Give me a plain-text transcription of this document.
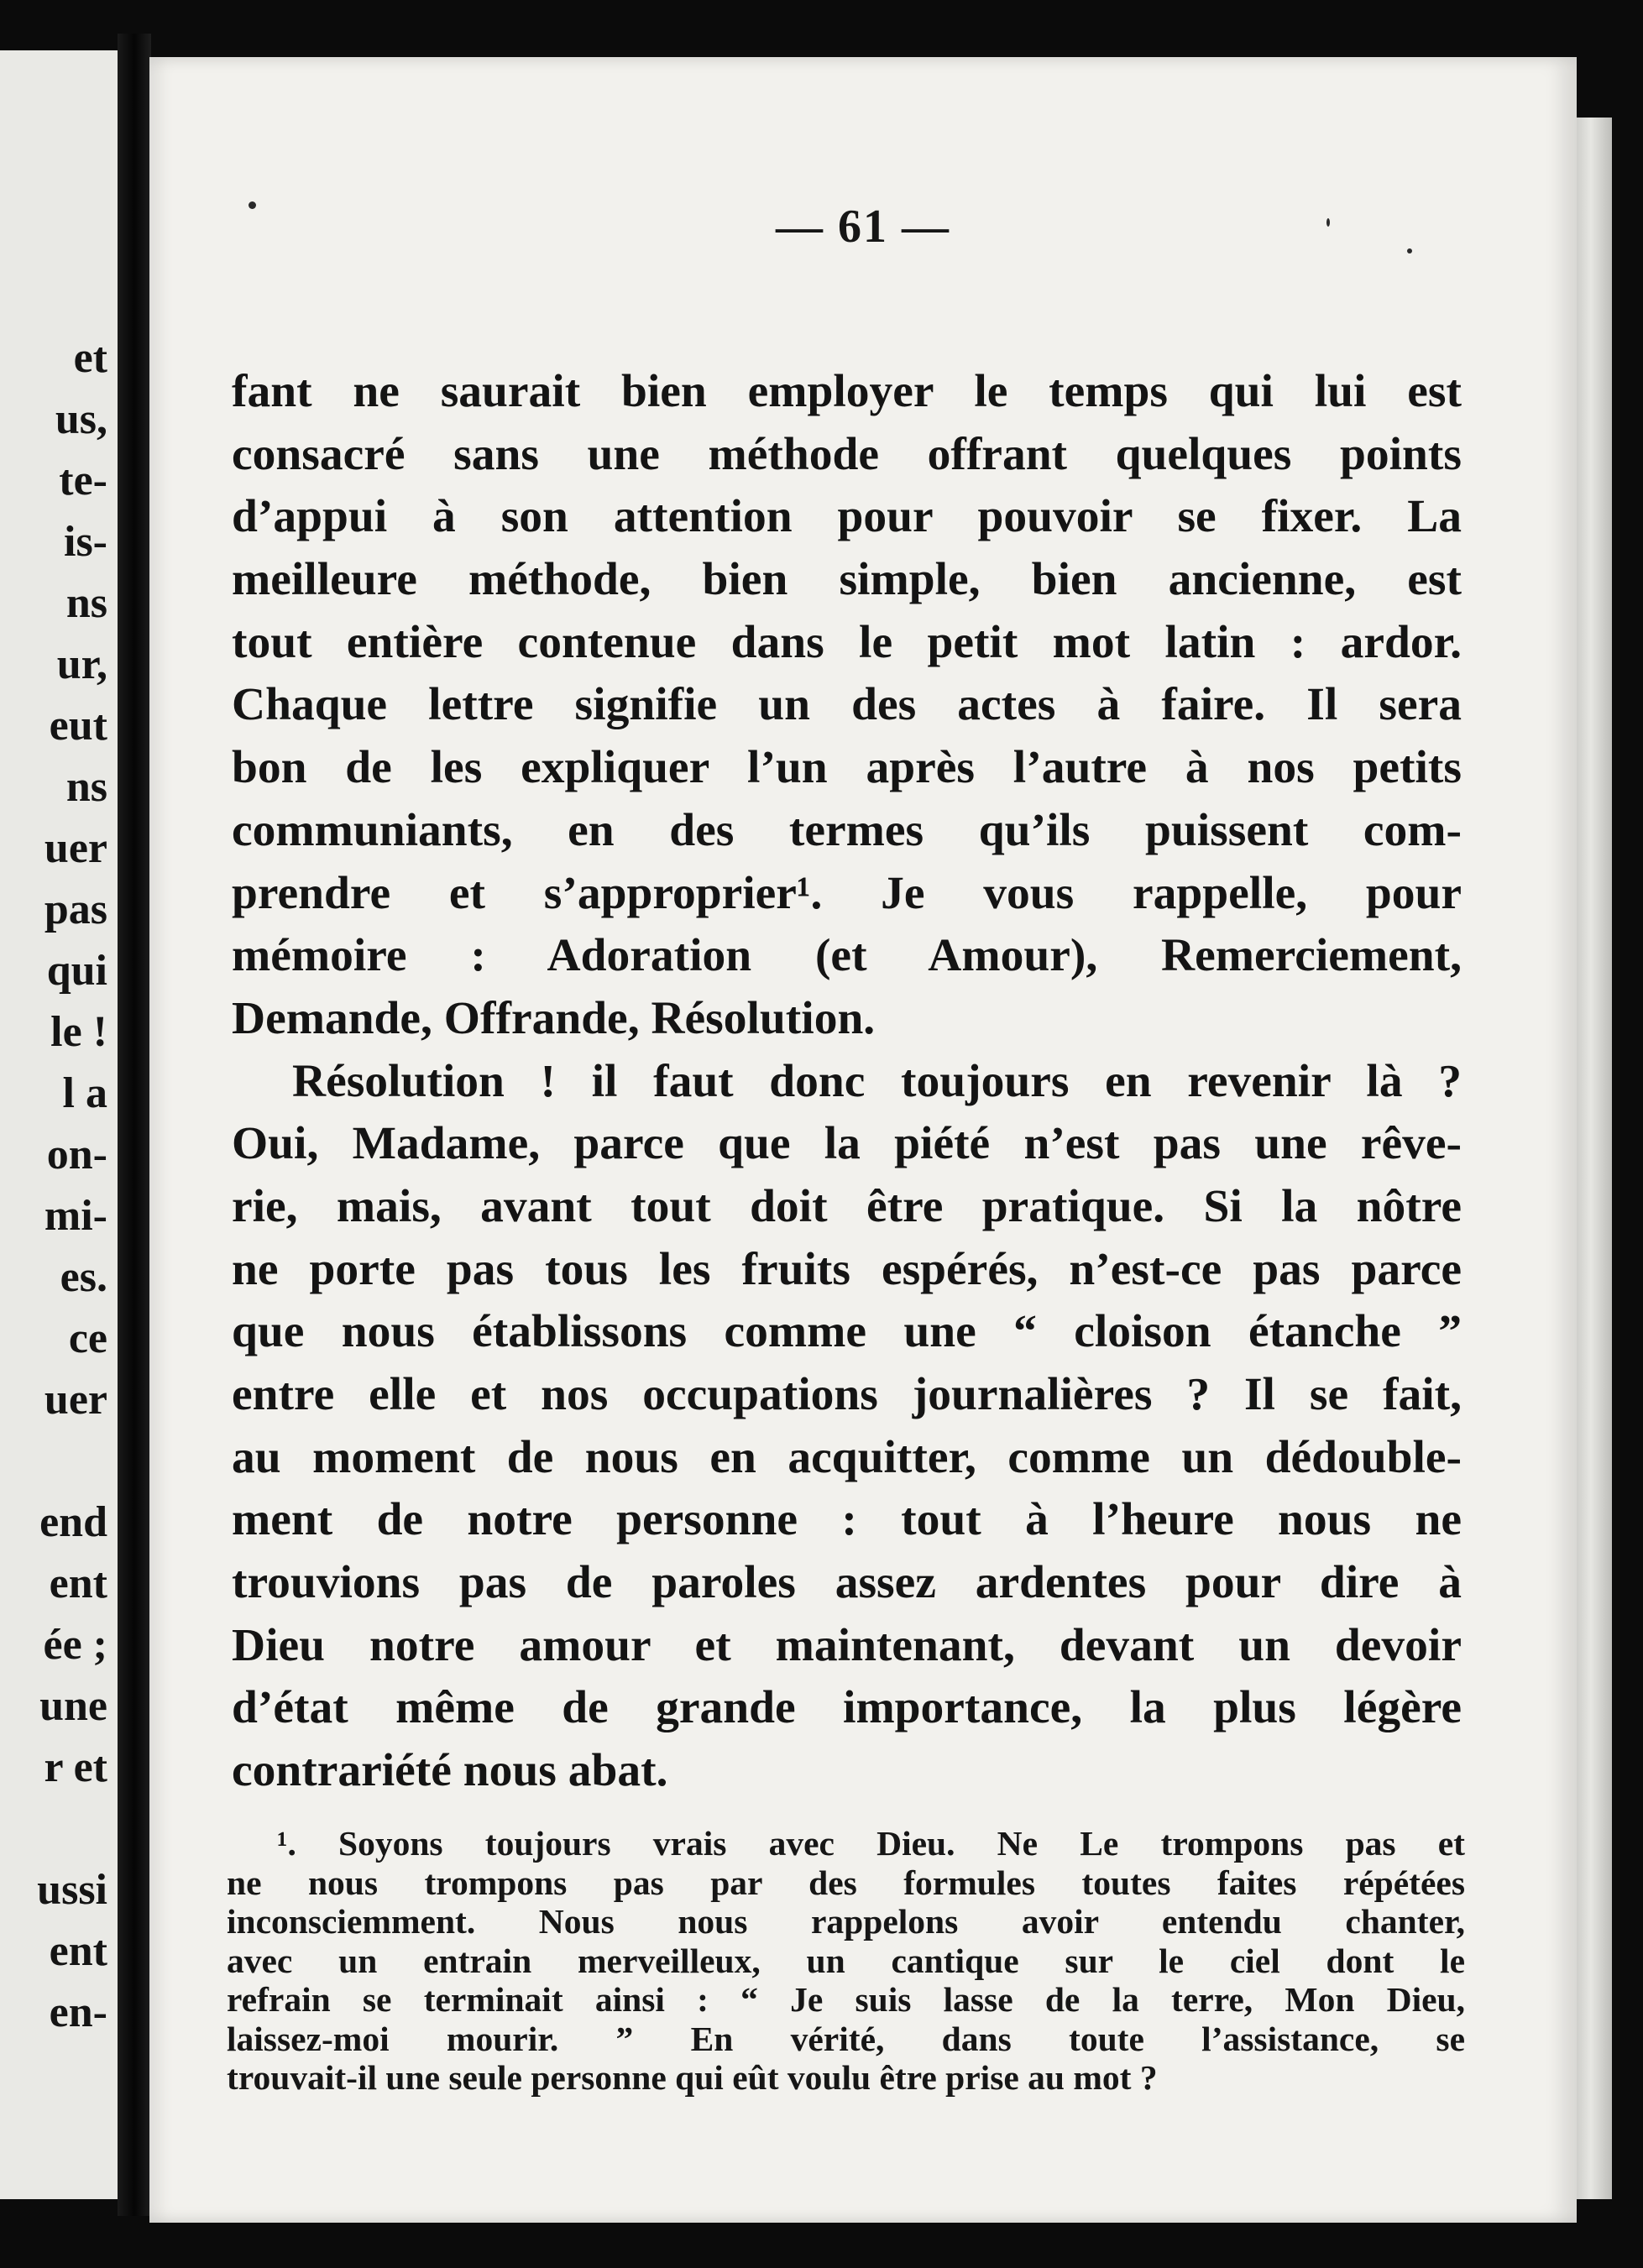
et
us,
te-
is-
ns
ur,
eut
ns
uer
pas
qui
le !
l a
on-
mi-
es.
ce
uer
end
ent
ée ;
une
r et
ussi
ent
en-
— 61 —
fant ne saurait bien employer le temps qui lui est
consacré sans une méthode offrant quelques points
d’appui à son attention pour pouvoir se fixer. La
meilleure méthode, bien simple, bien ancienne, est
tout entière contenue dans le petit mot latin : ardor.
Chaque lettre signifie un des actes à faire. Il sera
bon de les expliquer l’un après l’autre à nos petits
communiants, en des termes qu’ils puissent com-
prendre et s’approprier¹. Je vous rappelle, pour
mémoire : Adoration (et Amour), Remerciement,
Demande, Offrande, Résolution.
Résolution ! il faut donc toujours en revenir là ?
Oui, Madame, parce que la piété n’est pas une rêve-
rie, mais, avant tout doit être pratique. Si la nôtre
ne porte pas tous les fruits espérés, n’est-ce pas parce
que nous établissons comme une “ cloison étanche ”
entre elle et nos occupations journalières ? Il se fait,
au moment de nous en acquitter, comme un dédouble-
ment de notre personne : tout à l’heure nous ne
trouvions pas de paroles assez ardentes pour dire à
Dieu notre amour et maintenant, devant un devoir
d’état même de grande importance, la plus légère
contrariété nous abat.
¹. Soyons toujours vrais avec Dieu. Ne Le trompons pas et
ne nous trompons pas par des formules toutes faites répétées
inconsciemment. Nous nous rappelons avoir entendu chanter,
avec un entrain merveilleux, un cantique sur le ciel dont le
refrain se terminait ainsi : “ Je suis lasse de la terre, Mon Dieu,
laissez-moi mourir. ” En vérité, dans toute l’assistance, se
trouvait-il une seule personne qui eût voulu être prise au mot ?
